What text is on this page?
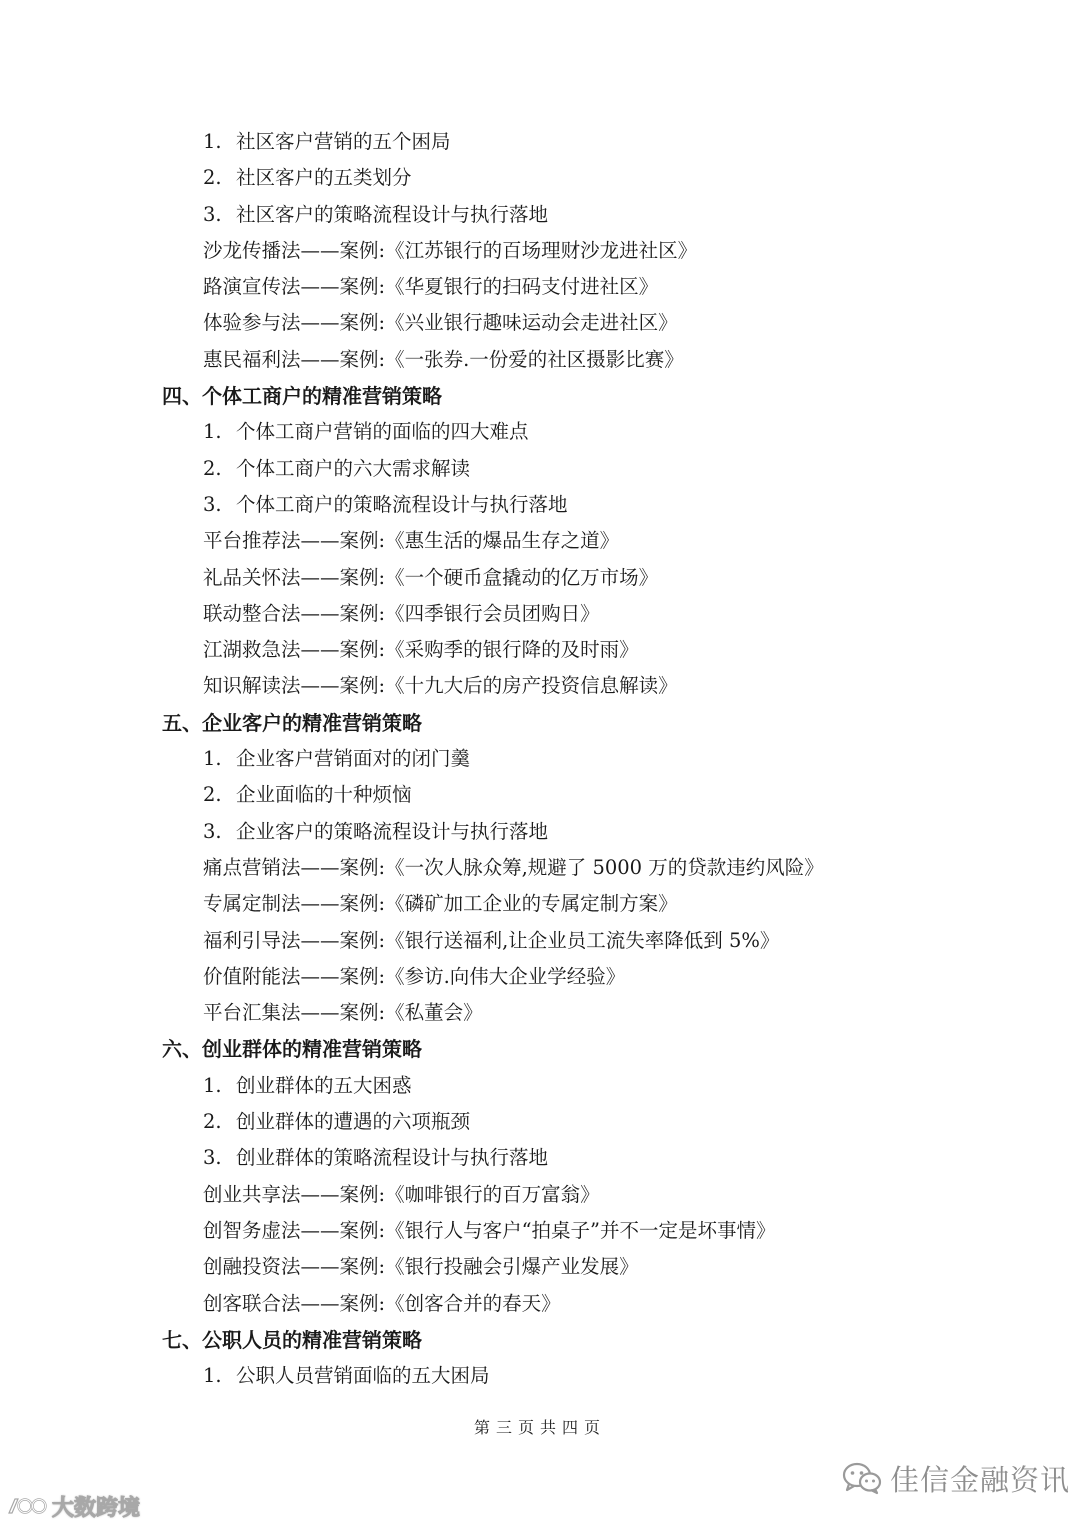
1. 社区客户营销的五个困局
2. 社区客户的五类划分
3. 社区客户的策略流程设计与执行落地
沙龙传播法——案例:《江苏银行的百场理财沙龙进社区》
路演宣传法——案例:《华夏银行的扫码支付进社区》
体验参与法——案例:《兴业银行趣味运动会走进社区》
惠民福利法——案例:《一张券.一份爱的社区摄影比赛》
四、个体工商户的精准营销策略
1. 个体工商户营销的面临的四大难点
2. 个体工商户的六大需求解读
3. 个体工商户的策略流程设计与执行落地
平台推荐法——案例:《惠生活的爆品生存之道》
礼品关怀法——案例:《一个硬币盒撬动的亿万市场》
联动整合法——案例:《四季银行会员团购日》
江湖救急法——案例:《采购季的银行降的及时雨》
知识解读法——案例:《十九大后的房产投资信息解读》
五、企业客户的精准营销策略
1. 企业客户营销面对的闭门羹
2. 企业面临的十种烦恼
3. 企业客户的策略流程设计与执行落地
痛点营销法——案例:《一次人脉众筹,规避了 5000 万的贷款违约风险》
专属定制法——案例:《磷矿加工企业的专属定制方案》
福利引导法——案例:《银行送福利,让企业员工流失率降低到 5%》
价值附能法——案例:《参访.向伟大企业学经验》
平台汇集法——案例:《私董会》
六、创业群体的精准营销策略
1. 创业群体的五大困惑
2. 创业群体的遭遇的六项瓶颈
3. 创业群体的策略流程设计与执行落地
创业共享法——案例:《咖啡银行的百万富翁》
创智务虚法——案例:《银行人与客户“拍桌子”并不一定是坏事情》
创融投资法——案例:《银行投融会引爆产业发展》
创客联合法——案例:《创客合并的春天》
七、公职人员的精准营销策略
1. 公职人员营销面临的五大困局
第三页共四页
佳信金融资讯
大数跨境
